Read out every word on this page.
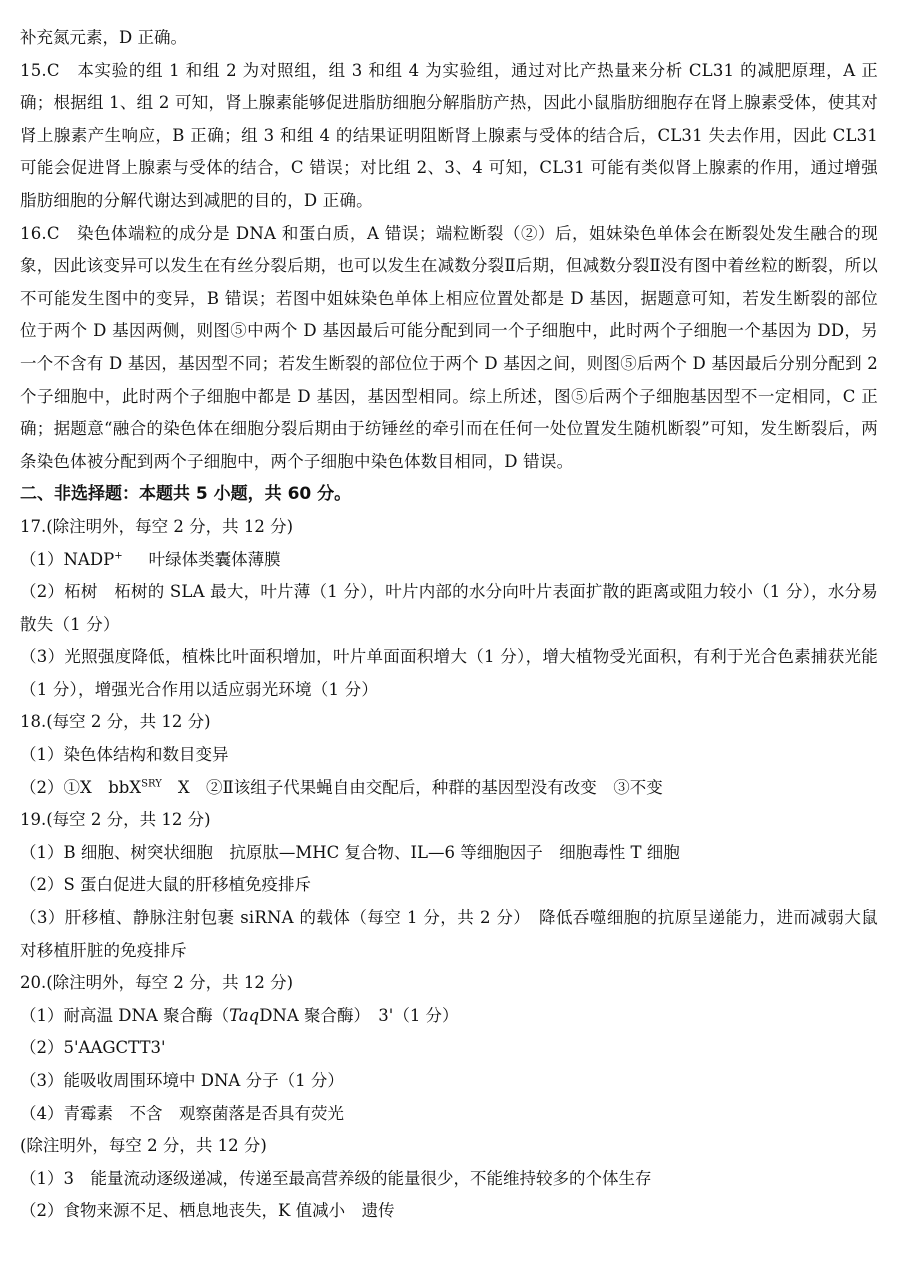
补充氮元素，D 正确。

15.C　本实验的组 1 和组 2 为对照组，组 3 和组 4 为实验组，通过对比产热量来分析 CL31 的减肥原理，A 正确；根据组 1、组 2 可知，肾上腺素能够促进脂肪细胞分解脂肪产热，因此小鼠脂肪细胞存在肾上腺素受体，使其对肾上腺素产生响应，B 正确；组 3 和组 4 的结果证明阻断肾上腺素与受体的结合后，CL31 失去作用，因此 CL31 可能会促进肾上腺素与受体的结合，C 错误；对比组 2、3、4 可知，CL31 可能有类似肾上腺素的作用，通过增强脂肪细胞的分解代谢达到减肥的目的，D 正确。

16.C　染色体端粒的成分是 DNA 和蛋白质，A 错误；端粒断裂（②）后，姐妹染色单体会在断裂处发生融合的现象，因此该变异可以发生在有丝分裂后期，也可以发生在减数分裂Ⅱ后期，但减数分裂Ⅱ没有图中着丝粒的断裂，所以不可能发生图中的变异，B 错误；若图中姐妹染色单体上相应位置处都是 D 基因，据题意可知，若发生断裂的部位位于两个 D 基因两侧，则图⑤中两个 D 基因最后可能分配到同一个子细胞中，此时两个子细胞一个基因为 DD，另一个不含有 D 基因，基因型不同；若发生断裂的部位位于两个 D 基因之间，则图⑤后两个 D 基因最后分别分配到 2 个子细胞中，此时两个子细胞中都是 D 基因，基因型相同。综上所述，图⑤后两个子细胞基因型不一定相同，C 正确；据题意“融合的染色体在细胞分裂后期由于纺锤丝的牵引而在任何一处位置发生随机断裂”可知，发生断裂后，两条染色体被分配到两个子细胞中，两个子细胞中染色体数目相同，D 错误。

二、非选择题：本题共 5 小题，共 60 分。

17.(除注明外，每空 2 分，共 12 分)

（1）NADP+ 叶绿体类囊体薄膜

（2）柘树　柘树的 SLA 最大，叶片薄（1 分），叶片内部的水分向叶片表面扩散的距离或阻力较小（1 分），水分易散失（1 分）

（3）光照强度降低，植株比叶面积增加，叶片单面面积增大（1 分），增大植物受光面积，有利于光合色素捕获光能（1 分），增强光合作用以适应弱光环境（1 分）

18.(每空 2 分，共 12 分)

（1）染色体结构和数目变异

（2）①X　bbX$^{SRY}$ X　②Ⅱ该组子代果蝇自由交配后，种群的基因型没有改变　③不变

19.(每空 2 分，共 12 分)

（1）B 细胞、树突状细胞　抗原肽—MHC 复合物、IL—6 等细胞因子　细胞毒性 T 细胞

（2）S 蛋白促进大鼠的肝移植免疫排斥

（3）肝移植、静脉注射包裹 siRNA 的载体（每空 1 分，共 2 分）　降低吞噬细胞的抗原呈递能力，进而减弱大鼠对移植肝脏的免疫排斥

20.(除注明外，每空 2 分，共 12 分)

（1）耐高温 DNA 聚合酶（TaqDNA 聚合酶）　3'（1 分）

（2）5'AAGCTT3'

（3）能吸收周围环境中 DNA 分子（1 分）

（4）青霉素　不含　观察菌落是否具有荧光

(除注明外，每空 2 分，共 12 分)

（1）3　能量流动逐级递减，传递至最高营养级的能量很少，不能维持较多的个体生存

（2）食物来源不足、栖息地丧失，K 值减小　遗传
